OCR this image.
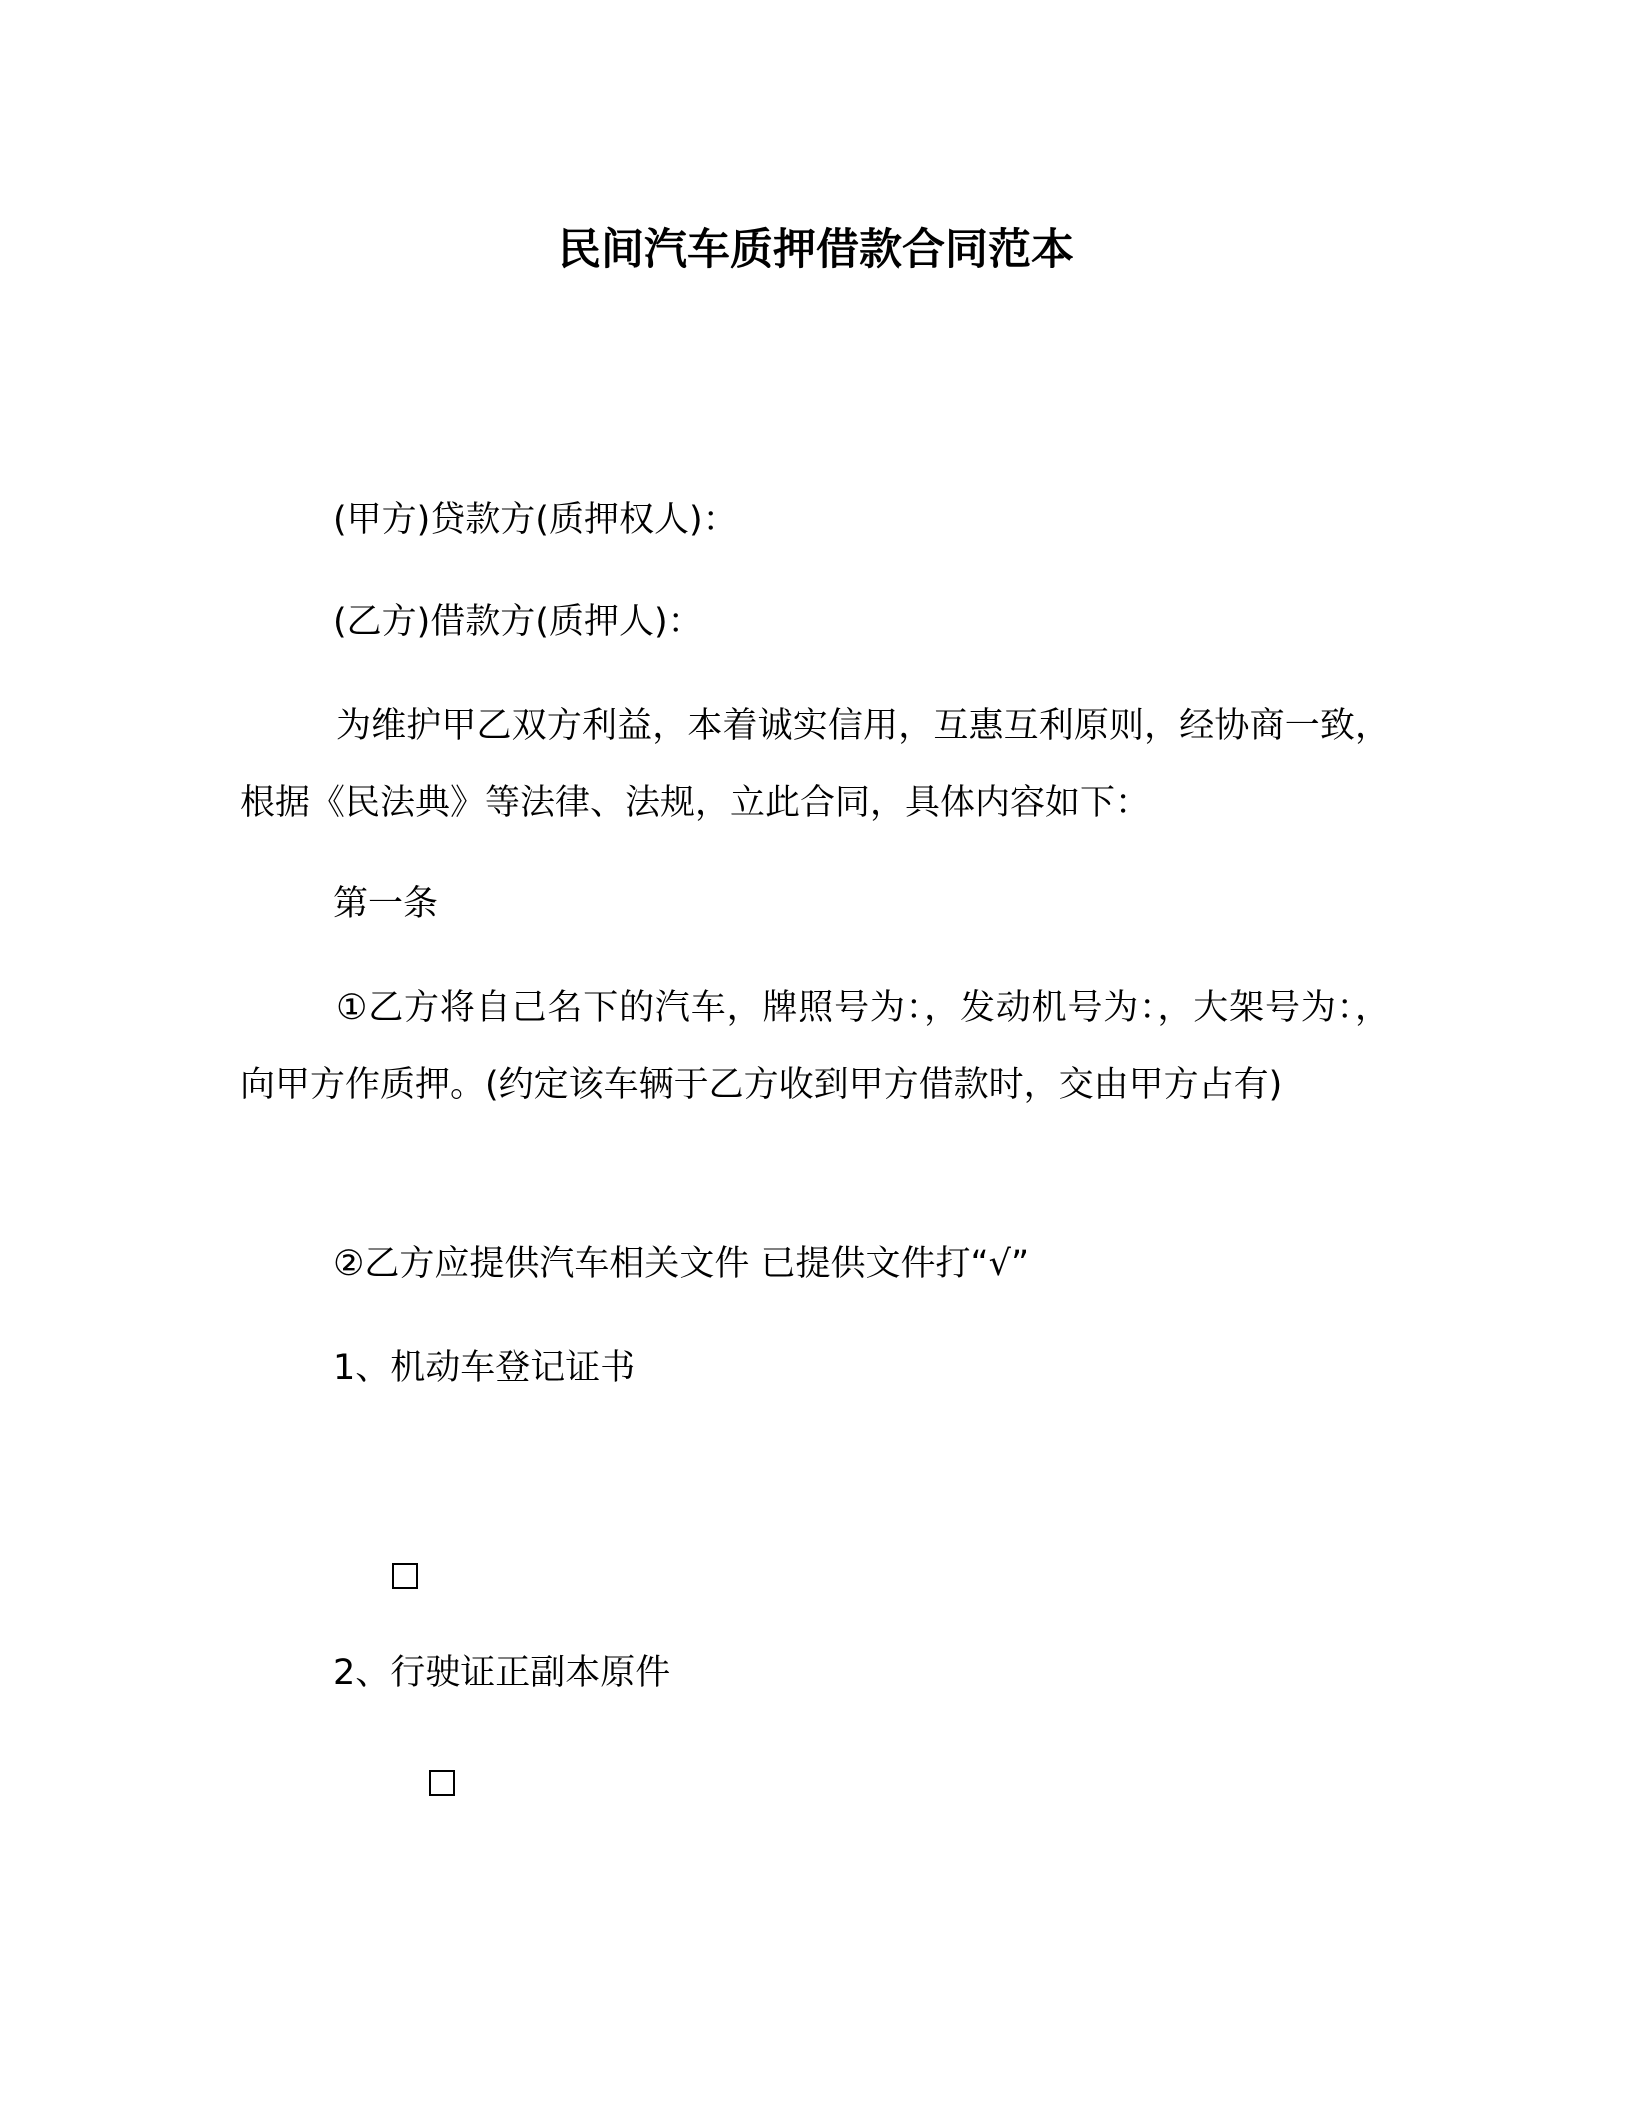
民间汽车质押借款合同范本
(甲方)贷款方(质押权人)：
(乙方)借款方(质押人)：
为维护甲乙双方利益，本着诚实信用，互惠互利原则，经协商一致，根据《民法典》等法律、法规，立此合同，具体内容如下：
第一条
①乙方将自己名下的汽车，牌照号为：，发动机号为：，大架号为：，向甲方作质押。(约定该车辆于乙方收到甲方借款时，交由甲方占有)
②乙方应提供汽车相关文件 已提供文件打“√”
1、机动车登记证书
2、行驶证正副本原件
